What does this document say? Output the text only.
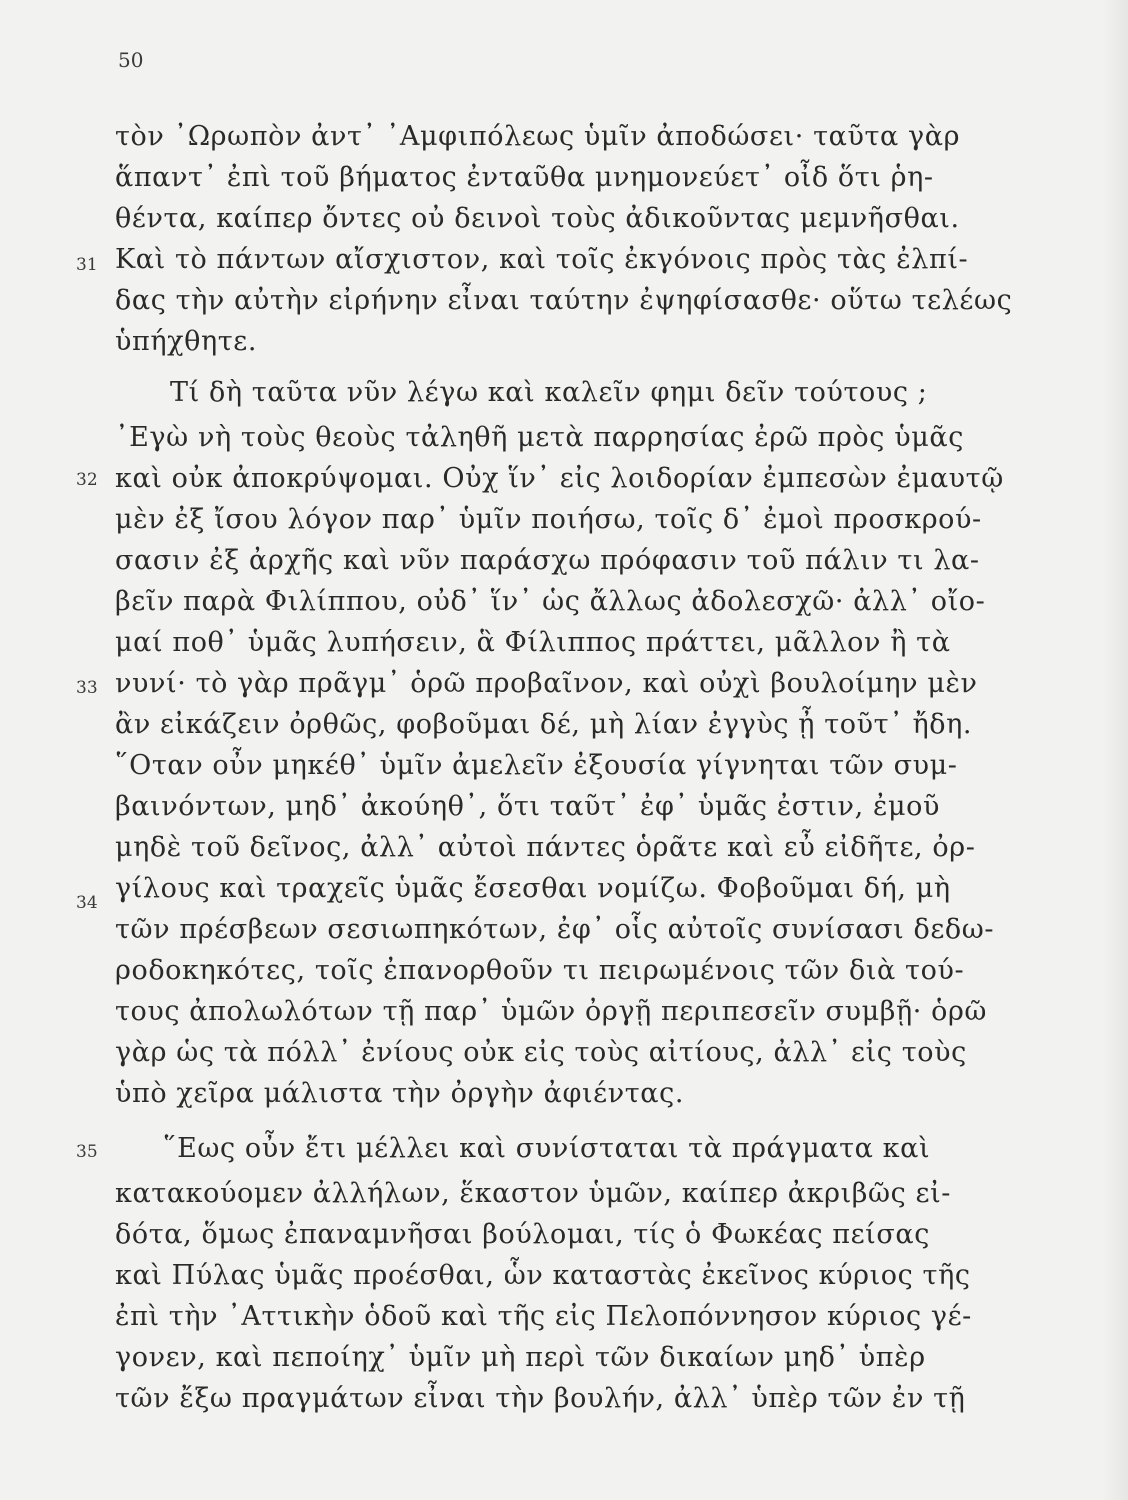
50
τὸν ᾿Ωρωπὸν ἀντ᾿ ᾿Αμφιπόλεως ὑμῖν ἀποδώσει· ταῦτα γὰρ
ἅπαντ᾿ ἐπὶ τοῦ βήματος ἐνταῦθα μνημονεύετ᾿ οἶδ ὅτι ῥη-
θέντα, καίπερ ὄντες οὐ δεινοὶ τοὺς ἀδικοῦντας μεμνῆσθαι.
Καὶ τὸ πάντων αἴσχιστον, καὶ τοῖς ἐκγόνοις πρὸς τὰς ἐλπί-
δας τὴν αὐτὴν εἰρήνην εἶναι ταύτην ἐψηφίσασθε· οὕτω τελέως
ὑπήχθητε.
Τί δὴ ταῦτα νῦν λέγω καὶ καλεῖν φημι δεῖν τούτους ;
᾿Εγὼ νὴ τοὺς θεοὺς τἀληθῆ μετὰ παρρησίας ἐρῶ πρὸς ὑμᾶς
καὶ οὐκ ἀποκρύψομαι. Οὐχ ἵν᾿ εἰς λοιδορίαν ἐμπεσὼν ἐμαυτῷ
μὲν ἐξ ἴσου λόγον παρ᾿ ὑμῖν ποιήσω, τοῖς δ᾿ ἐμοὶ προσκρού-
σασιν ἐξ ἀρχῆς καὶ νῦν παράσχω πρόφασιν τοῦ πάλιν τι λα-
βεῖν παρὰ Φιλίππου, οὐδ᾿ ἵν᾿ ὡς ἄλλως ἀδολεσχῶ· ἀλλ᾿ οἴο-
μαί ποθ᾿ ὑμᾶς λυπήσειν, ἃ Φίλιππος πράττει, μᾶλλον ἢ τὰ
νυνί· τὸ γὰρ πρᾶγμ᾿ ὁρῶ προβαῖνον, καὶ οὐχὶ βουλοίμην μὲν
ἂν εἰκάζειν ὀρθῶς, φοβοῦμαι δέ, μὴ λίαν ἐγγὺς ᾖ τοῦτ᾿ ἤδη.
῞Οταν οὖν μηκέθ᾿ ὑμῖν ἀμελεῖν ἐξουσία γίγνηται τῶν συμ-
βαινόντων, μηδ᾿ ἀκούηθ᾿, ὅτι ταῦτ᾿ ἐφ᾿ ὑμᾶς ἐστιν, ἐμοῦ
μηδὲ τοῦ δεῖνος, ἀλλ᾿ αὐτοὶ πάντες ὁρᾶτε καὶ εὖ εἰδῆτε, ὀρ-
γίλους καὶ τραχεῖς ὑμᾶς ἔσεσθαι νομίζω. Φοβοῦμαι δή, μὴ
τῶν πρέσβεων σεσιωπηκότων, ἐφ᾿ οἷς αὐτοῖς συνίσασι δεδω-
ροδοκηκότες, τοῖς ἐπανορθοῦν τι πειρωμένοις τῶν διὰ τού-
τους ἀπολωλότων τῇ παρ᾿ ὑμῶν ὀργῇ περιπεσεῖν συμβῇ· ὁρῶ
γὰρ ὡς τὰ πόλλ᾿ ἐνίους οὐκ εἰς τοὺς αἰτίους, ἀλλ᾿ εἰς τοὺς
ὑπὸ χεῖρα μάλιστα τὴν ὀργὴν ἀφιέντας.
῞Εως οὖν ἔτι μέλλει καὶ συνίσταται τὰ πράγματα καὶ
κατακούομεν ἀλλήλων, ἕκαστον ὑμῶν, καίπερ ἀκριβῶς εἰ-
δότα, ὅμως ἐπαναμνῆσαι βούλομαι, τίς ὁ Φωκέας πείσας
καὶ Πύλας ὑμᾶς προέσθαι, ὧν καταστὰς ἐκεῖνος κύριος τῆς
ἐπὶ τὴν ᾿Αττικὴν ὁδοῦ καὶ τῆς εἰς Πελοπόννησον κύριος γέ-
γονεν, καὶ πεποίηχ᾿ ὑμῖν μὴ περὶ τῶν δικαίων μηδ᾿ ὑπὲρ
τῶν ἔξω πραγμάτων εἶναι τὴν βουλήν, ἀλλ᾿ ὑπὲρ τῶν ἐν τῇ
31
32
33
34
35
